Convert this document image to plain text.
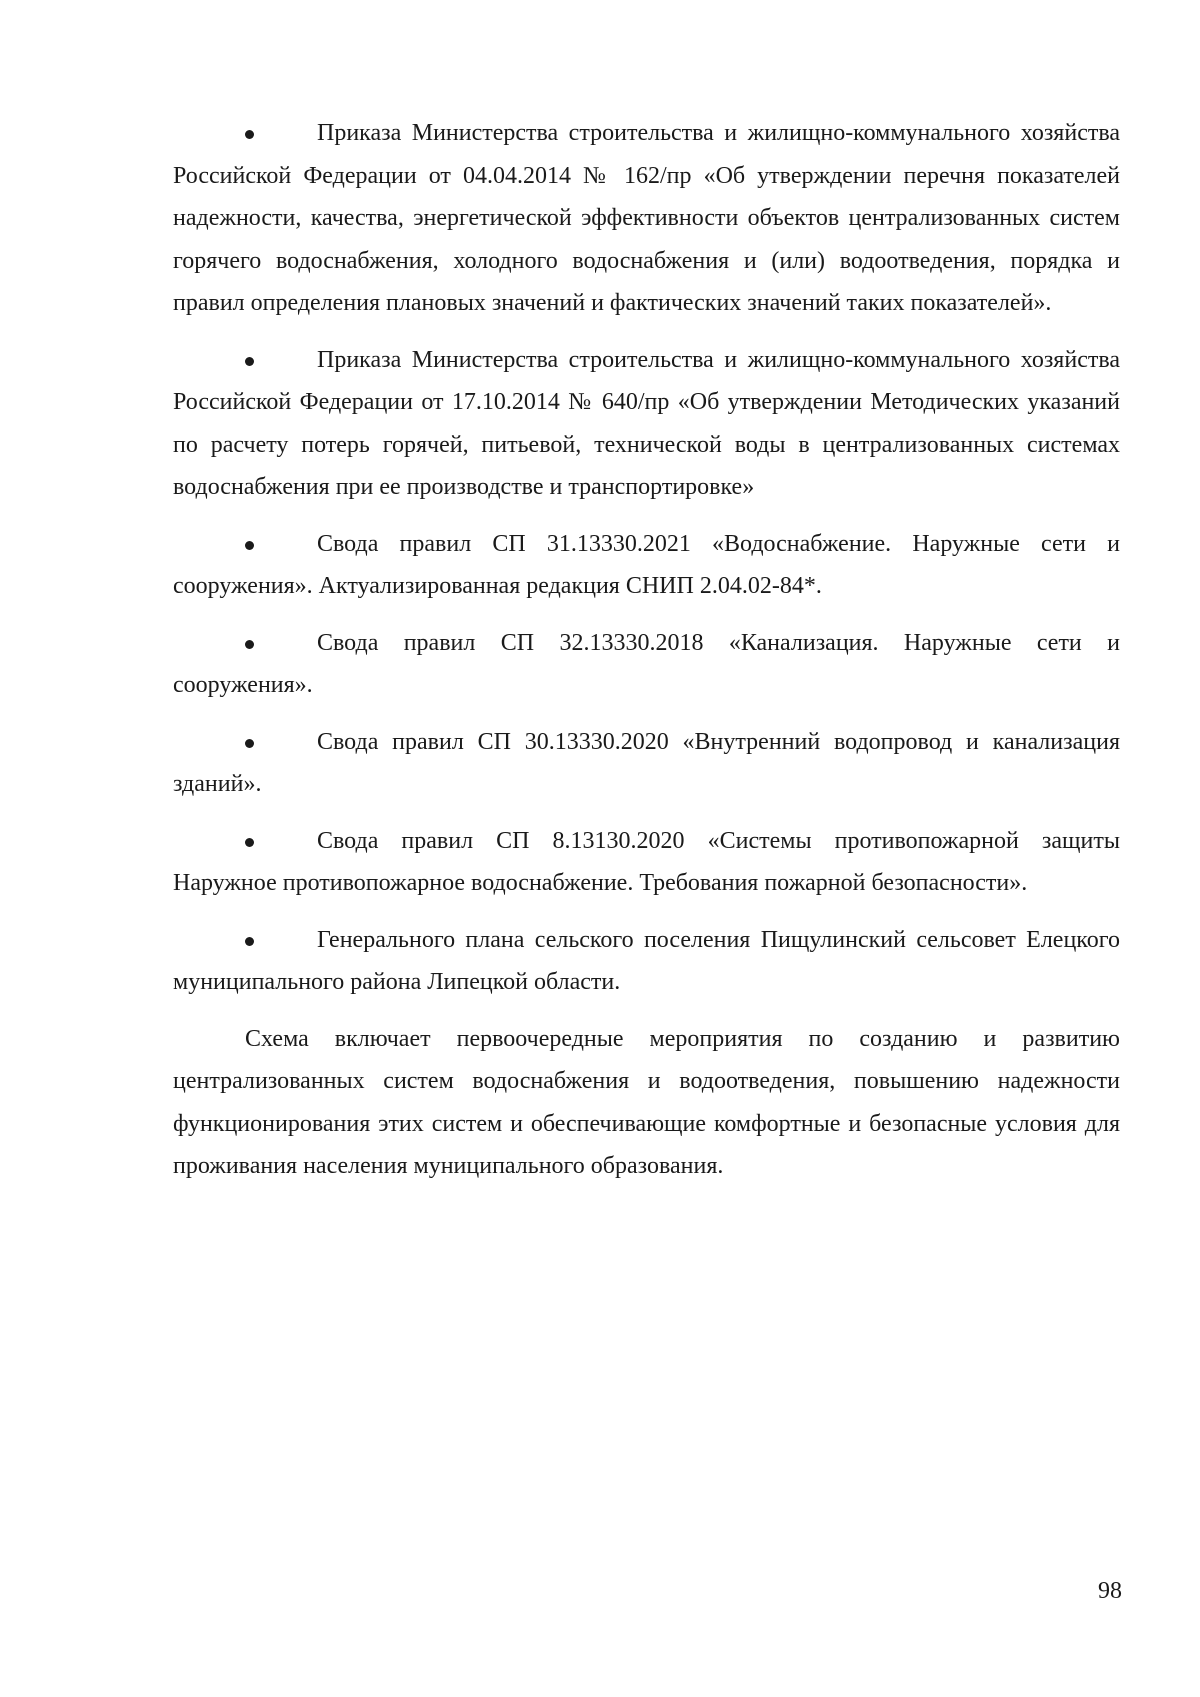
Приказа Министерства строительства и жилищно-коммунального хозяйства Российской Федерации от 04.04.2014 № 162/пр «Об утверждении перечня показателей надежности, качества, энергетической эффективности объектов централизованных систем горячего водоснабжения, холодного водоснабжения и (или) водоотведения, порядка и правил определения плановых значений и фактических значений таких показателей».

Приказа Министерства строительства и жилищно-коммунального хозяйства Российской Федерации от 17.10.2014 № 640/пр «Об утверждении Методических указаний по расчету потерь горячей, питьевой, технической воды в централизованных системах водоснабжения при ее производстве и транспортировке»

Свода правил СП 31.13330.2021 «Водоснабжение. Наружные сети и сооружения». Актуализированная редакция СНИП 2.04.02-84*.

Свода правил СП 32.13330.2018 «Канализация. Наружные сети и сооружения».

Свода правил СП 30.13330.2020 «Внутренний водопровод и канализация зданий».

Свода правил СП 8.13130.2020 «Системы противопожарной защиты Наружное противопожарное водоснабжение. Требования пожарной безопасности».

Генерального плана сельского поселения Пищулинский сельсовет Елецкого муниципального района Липецкой области.

Схема включает первоочередные мероприятия по созданию и развитию централизованных систем водоснабжения и водоотведения, повышению надежности функционирования этих систем и обеспечивающие комфортные и безопасные условия для проживания населения муниципального образования.

98
